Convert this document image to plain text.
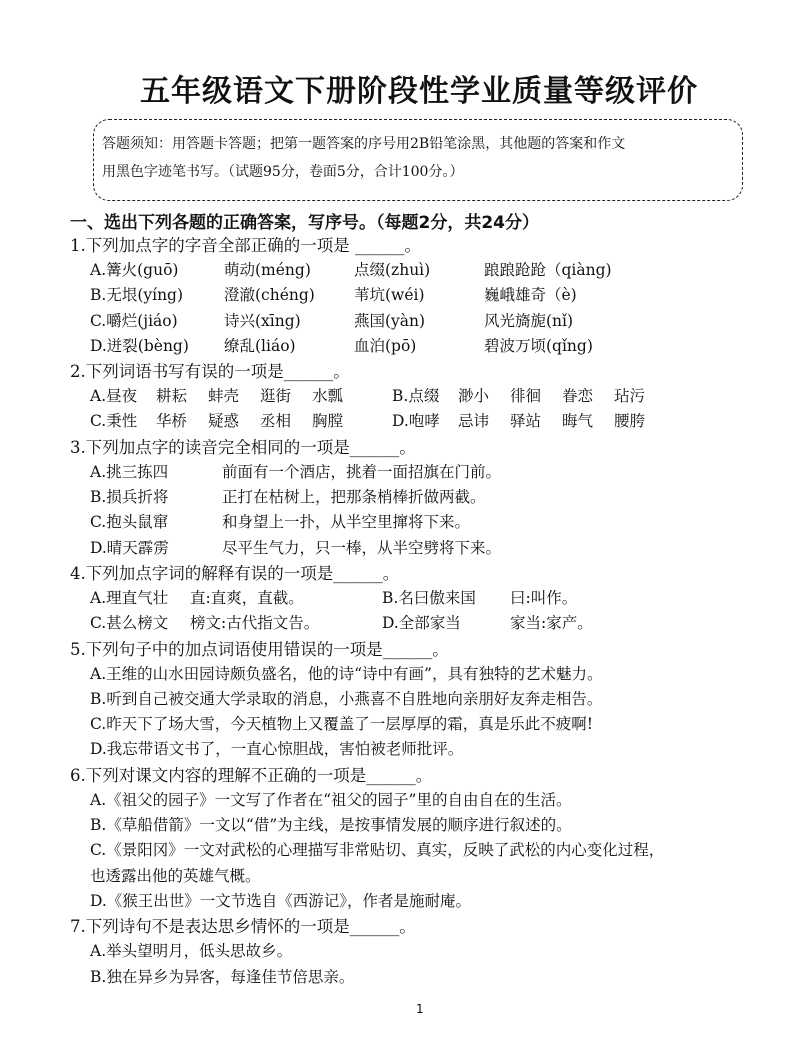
五年级语文下册阶段性学业质量等级评价
答题须知：用答题卡答题；把第一题答案的序号用2B铅笔涂黑，其他题的答案和作文
用黑色字迹笔书写。（试题95分，卷面5分，合计100分。）
一、选出下列各题的正确答案，写序号。（每题2分，共24分）
1.下列加点字的字音全部正确的一项是 ______。
A.篝火(guō)	萌动(méng)	点缀(zhuì)	踉踉跄跄（qiàng)
B.无垠(yíng)	澄澈(chéng)	苇坑(wéi)	巍峨雄奇（è)
C.嚼烂(jiáo)	诗兴(xīng)	燕国(yàn)	风光旖旎(nǐ)
D.迸裂(bèng) 缭乱(liáo)	血泊(pō)	碧波万顷(qǐng)
2.下列词语书写有误的一项是______。
A.昼夜 耕耘 蚌壳 逛街 水瓢	B.点缀 渺小 徘徊 眷恋 玷污
C.秉性 华桥 疑惑 丞相 胸膛	D.咆哮 忌讳 驿站 晦气 腰胯
3.下列加点字的读音完全相同的一项是______。
A.挑三拣四	前面有一个酒店，挑着一面招旗在门前。
B.损兵折将	正打在枯树上，把那条梢棒折做两截。
C.抱头鼠窜	和身望上一扑，从半空里撺将下来。
D.晴天霹雳	尽平生气力，只一棒，从半空劈将下来。
4.下列加点字词的解释有误的一项是______。
A.理直气壮 直:直爽，直截。	B.名曰傲来国 曰:叫作。
C.甚么榜文 榜文:古代指文告。	D.全部家当	家当:家产。
5.下列句子中的加点词语使用错误的一项是______。
A.王维的山水田园诗颇负盛名，他的诗“诗中有画”，具有独特的艺术魅力。
B.听到自己被交通大学录取的消息，小燕喜不自胜地向亲朋好友奔走相告。
C.昨天下了场大雪，今天植物上又覆盖了一层厚厚的霜，真是乐此不疲啊!
D.我忘带语文书了，一直心惊胆战，害怕被老师批评。
6.下列对课文内容的理解不正确的一项是______。
A.《祖父的园子》一文写了作者在“祖父的园子”里的自由自在的生活。
B.《草船借箭》一文以“借”为主线，是按事情发展的顺序进行叙述的。
C.《景阳冈》一文对武松的心理描写非常贴切、真实，反映了武松的内心变化过程，
也透露出他的英雄气概。
D.《猴王出世》一文节选自《西游记》，作者是施耐庵。
7.下列诗句不是表达思乡情怀的一项是______。
A.举头望明月，低头思故乡。
B.独在异乡为异客，每逢佳节倍思亲。
1
